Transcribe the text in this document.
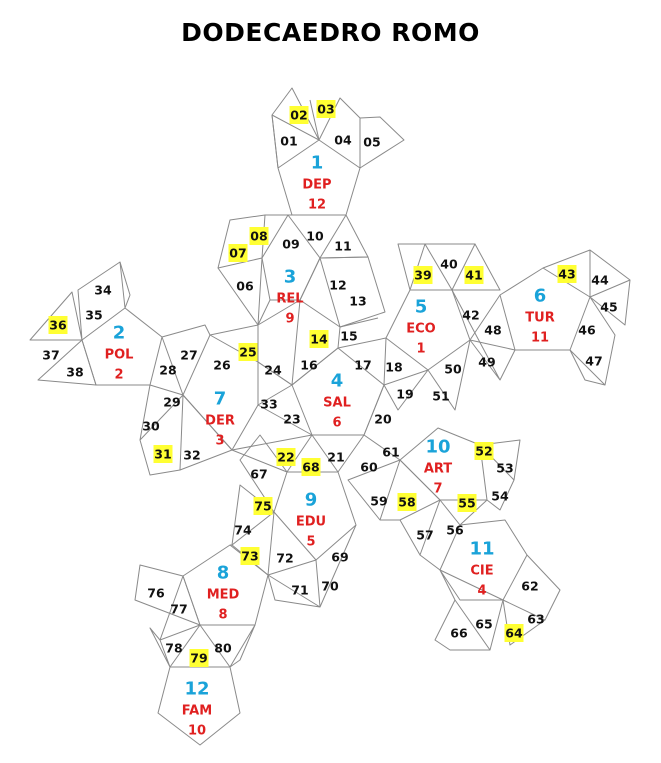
DODECAEDRO ROMO
01
02 03
04 05
06
07
08
09
10
11
12
13
14 15
16	17 18
19
20
21
22
23
24
25
26
27
28
29
30
31 32
33
34
35
36
37
38
39
40
41
42
43 44
45
46
47
48
49
50
51
52
53
54
55
56
57
58
59
60
61
62
63
64
65
66
67	68
69
70
71
72
73
74
75
76
77
78
79
80
1
DEP
12
2
POL
2
3
REL
9
4
SAL
6
5
ECO
1
6
TUR
11
7
DER
3
8
MED
8
9
EDU
5
10
ART
7
11
CIE
4
12
FAM
10
